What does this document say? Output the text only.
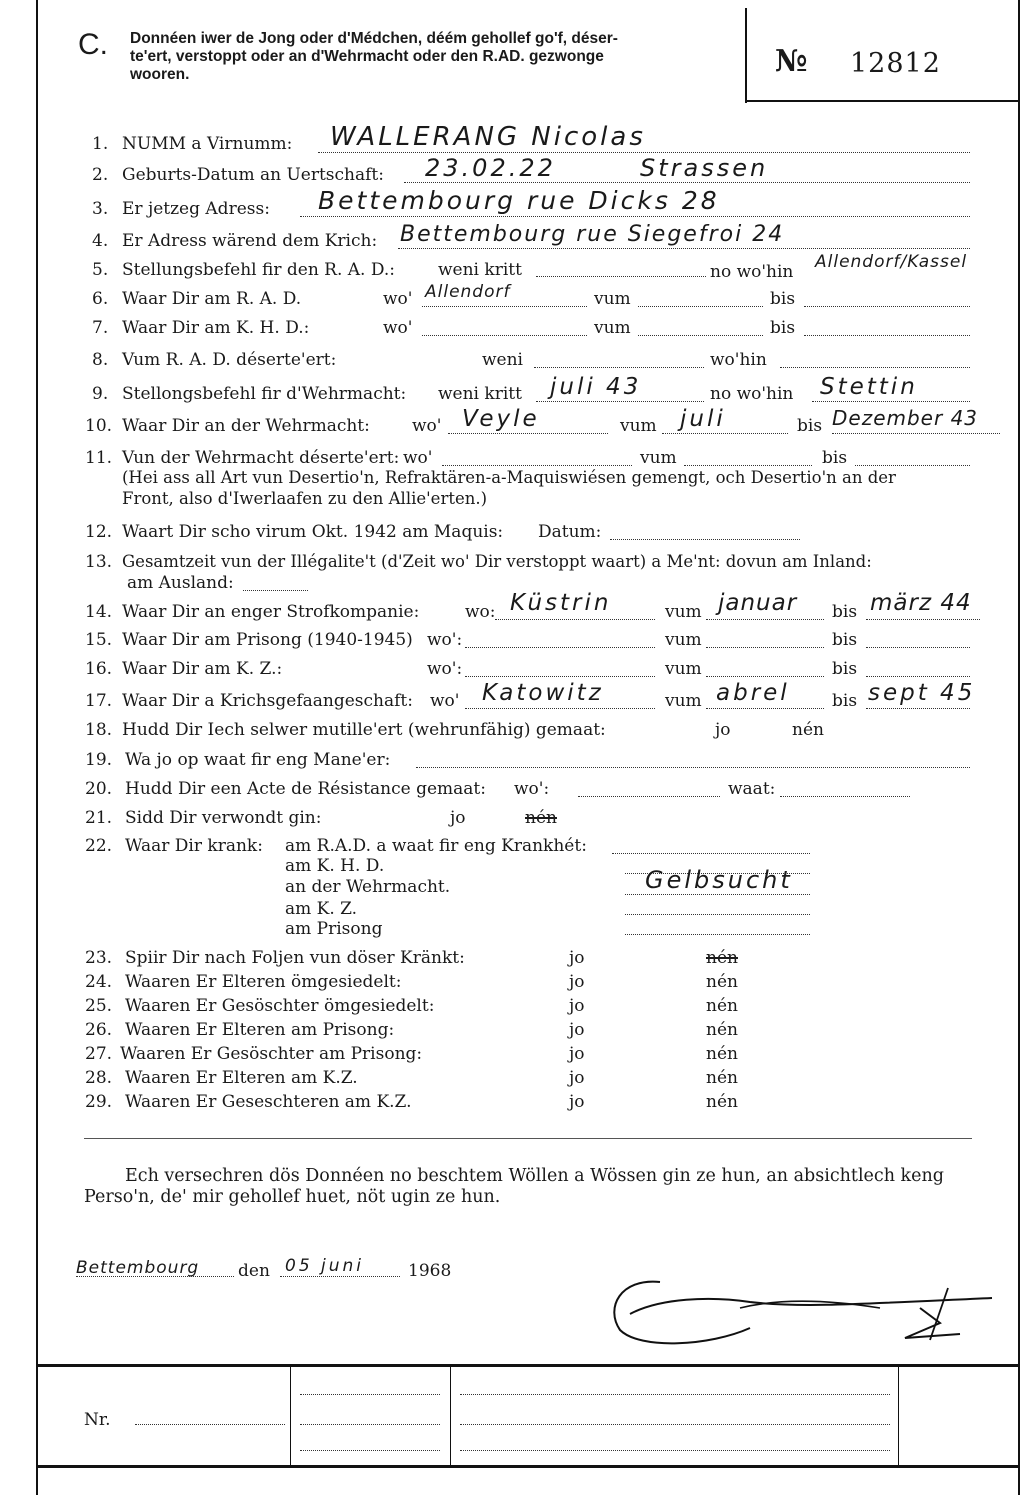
C. Donnéen iwer de Jong oder d'Médchen, déém gehollef go'f, déser-
te'ert, verstoppt oder an d'Wehrmacht oder den R.AD. gezwonge
wooren.	№ 12812
1. NUMM a Virnumm: WALLERANG Nicolas
2. Geburts-Datum an Uertschaft: 23.02.22	Strassen
3. Er jetzeg Adress: Bettembourg rue Dicks 28
4. Er Adress wärend dem Krich: Bettembourg rue Siegefroi 24
5. Stellungsbefehl fir den R. A. D.:	weni kritt	no wo'hin Allendorf/Kassel
6. Waar Dir am R. A. D.	wo' Allendorf	vum	bis
7. Waar Dir am K. H. D.:	wo'	vum	bis
8. Vum R. A. D. déserte'ert:	weni	wo'hin
9. Stellongsbefehl fir d'Wehrmacht: weni kritt juli 43	no wo'hin Stettin
10. Waar Dir an der Wehrmacht: wo' Veyle	vum juli	bis Dezember 43
11. Vun der Wehrmacht déserte'ert: wo'	vum	bis
(Hei ass all Art vun Desertio'n, Refraktären-a-Maquiswiésen gemengt, och Desertio'n an der
Front, also d'Iwerlaafen zu den Allie'erten.)
12. Waart Dir scho virum Okt. 1942 am Maquis: Datum:
13. Gesamtzeit vun der Illégalite't (d'Zeit wo' Dir verstoppt waart) a Me'nt: dovun am Inland:
am Ausland:
14. Waar Dir an enger Strofkompanie:	wo: Küstrin	vum januar bis märz 44
15. Waar Dir am Prisong (1940-1945) wo':	vum	bis
16. Waar Dir am K. Z.:	wo':	vum	bis
17. Waar Dir a Krichsgefaangeschaft: wo' Katowitz	vum abrel bis sept 45
18. Hudd Dir Iech selwer mutille'ert (wehrunfähig) gemaat:	jo	nén
19. Wa jo op waat fir eng Mane'er:
20. Hudd Dir een Acte de Résistance gemaat: wo':	waat:
21. Sidd Dir verwondt gin:	jo	nén
22. Waar Dir krank: am R.A.D. a waat fir eng Krankhét:
am K. H. D.
an der Wehrmacht.	Gelbsucht
am K. Z.
am Prisong
23. Spiir Dir nach Foljen vun döser Kränkt:	jo	nén
24. Waaren Er Elteren ömgesiedelt:	jo	nén
25. Waaren Er Gesöschter ömgesiedelt:	jo	nén
26. Waaren Er Elteren am Prisong:	jo	nén
27. Waaren Er Gesöschter am Prisong:	jo	nén
28. Waaren Er Elteren am K.Z.	jo	nén
29. Waaren Er Geseschteren am K.Z.	jo	nén
Ech versechren dös Donnéen no beschtem Wöllen a Wössen gin ze hun, an absichtlech keng
Perso'n, de' mir gehollef huet, nöt ugin ze hun.
Bettembourg den 05 juni	1968
Nr.
